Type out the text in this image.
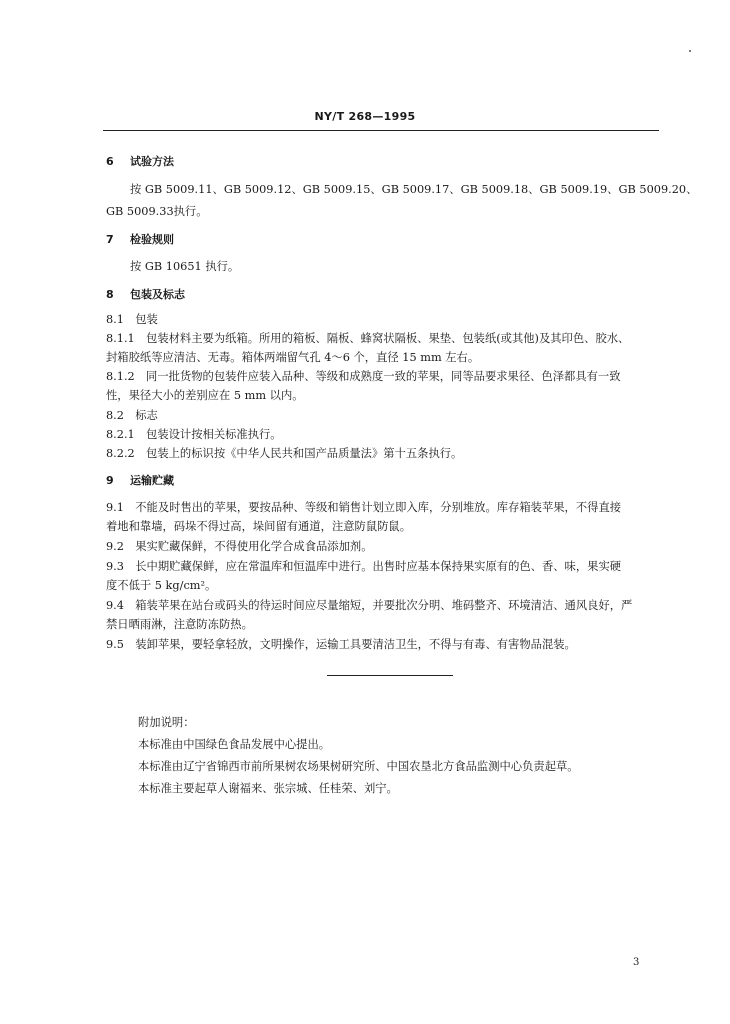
NY/T 268—1995
6 试验方法
按 GB 5009.11、GB 5009.12、GB 5009.15、GB 5009.17、GB 5009.18、GB 5009.19、GB 5009.20、
GB 5009.33执行。
7 检验规则
按 GB 10651 执行。
8 包装及标志
8.1　包装
8.1.1　包装材料主要为纸箱。所用的箱板、隔板、蜂窝状隔板、果垫、包装纸(或其他)及其印色、胶水、
封箱胶纸等应清洁、无毒。箱体两端留气孔 4～6 个，直径 15 mm 左右。
8.1.2　同一批货物的包装件应装入品种、等级和成熟度一致的苹果，同等品要求果径、色泽都具有一致
性，果径大小的差别应在 5 mm 以内。
8.2　标志
8.2.1　包装设计按相关标准执行。
8.2.2　包装上的标识按《中华人民共和国产品质量法》第十五条执行。
9 运输贮藏
9.1　不能及时售出的苹果，要按品种、等级和销售计划立即入库，分别堆放。库存箱装苹果，不得直接
着地和靠墙，码垛不得过高，垛间留有通道，注意防鼠防鼠。
9.2　果实贮藏保鲜，不得使用化学合成食品添加剂。
9.3　长中期贮藏保鲜，应在常温库和恒温库中进行。出售时应基本保持果实原有的色、香、味，果实硬
度不低于 5 kg/cm²。
9.4　箱装苹果在站台或码头的待运时间应尽量缩短，并要批次分明、堆码整齐、环境清洁、通风良好，严
禁日晒雨淋，注意防冻防热。
9.5　装卸苹果，要轻拿轻放，文明操作，运输工具要清洁卫生，不得与有毒、有害物品混装。
附加说明：
本标准由中国绿色食品发展中心提出。
本标准由辽宁省锦西市前所果树农场果树研究所、中国农垦北方食品监测中心负责起草。
本标准主要起草人谢福来、张宗城、任桂荣、刘宁。
3
